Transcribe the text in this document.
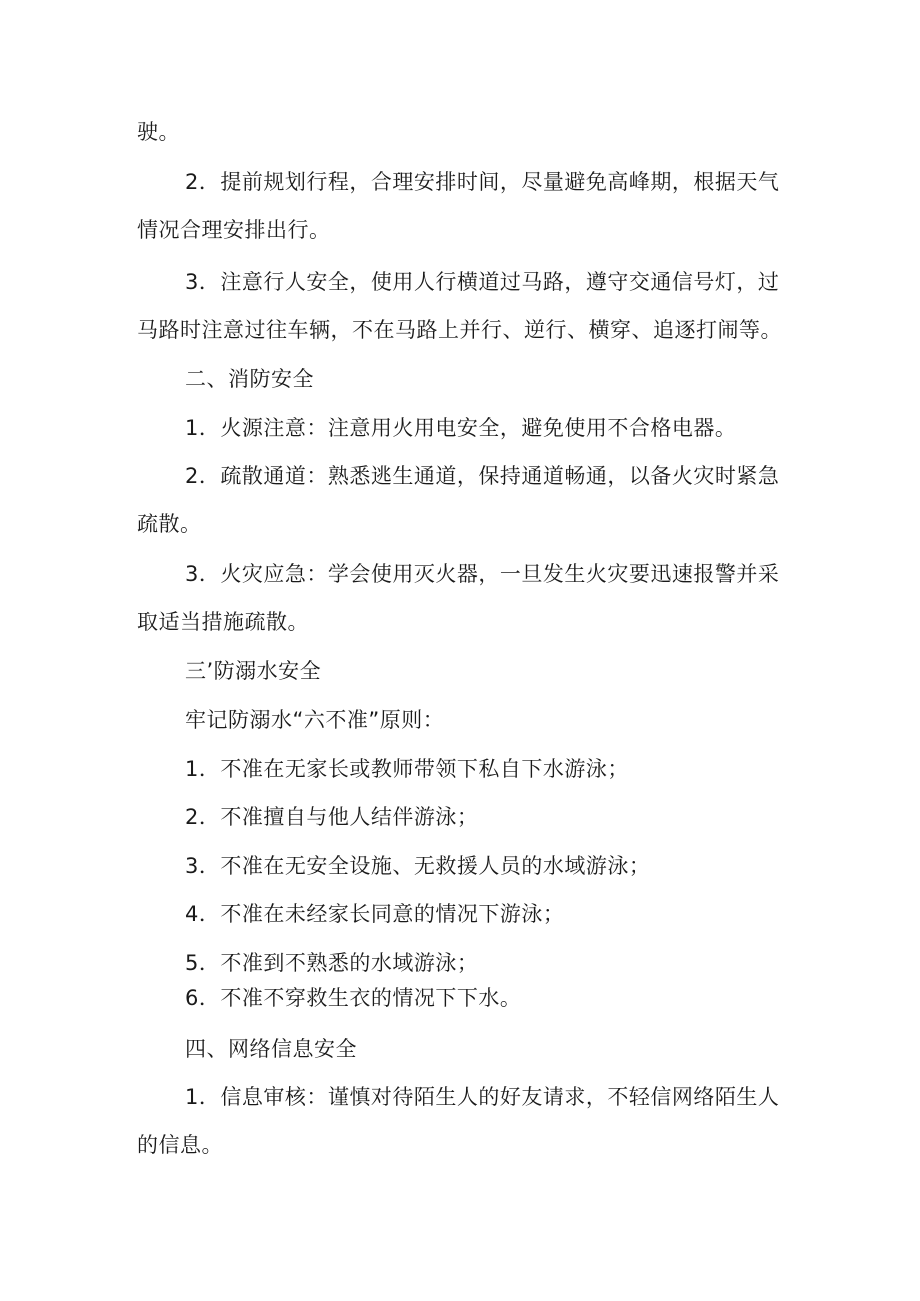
驶。
2．提前规划行程，合理安排时间，尽量避免高峰期，根据天气
情况合理安排出行。
3．注意行人安全，使用人行横道过马路，遵守交通信号灯，过
马路时注意过往车辆，不在马路上并行、逆行、横穿、追逐打闹等。
二、消防安全
1．火源注意：注意用火用电安全，避免使用不合格电器。
2．疏散通道：熟悉逃生通道，保持通道畅通，以备火灾时紧急
疏散。
3．火灾应急：学会使用灭火器，一旦发生火灾要迅速报警并采
取适当措施疏散。
三’防溺水安全
牢记防溺水“六不准”原则：
1．不准在无家长或教师带领下私自下水游泳；
2．不准擅自与他人结伴游泳；
3．不准在无安全设施、无救援人员的水域游泳；
4．不准在未经家长同意的情况下游泳；
5．不准到不熟悉的水域游泳；
6．不准不穿救生衣的情况下下水。
四、网络信息安全
1．信息审核：谨慎对待陌生人的好友请求，不轻信网络陌生人
的信息。
